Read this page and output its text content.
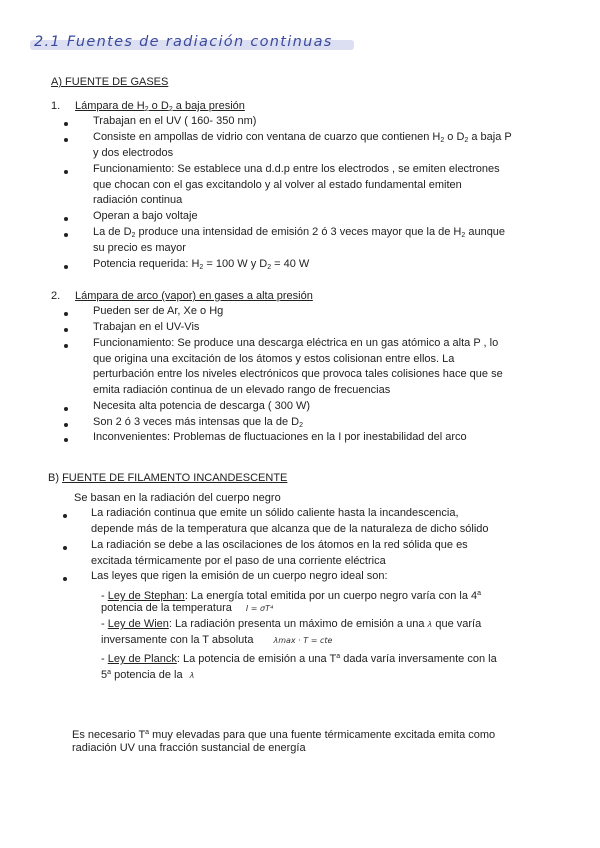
2.1 Fuentes de radiación continuas
A) FUENTE DE GASES
1. Lámpara de $H_2$ o $D_2$ a baja presión
Trabajan en el UV ( 160- 350 nm)
Consiste en ampollas de vidrio con ventana de cuarzo que contienen $H_2$ o $D_2$ a baja P
y dos electrodos
Funcionamiento: Se establece una d.d.p entre los electrodos , se emiten electrones
que chocan con el gas excitandolo y al volver al estado fundamental emiten
radiación continua
Operan a bajo voltaje
La de $D_2$ produce una intensidad de emisión 2 ó 3 veces mayor que la de $H_2$ aunque
su precio es mayor
Potencia requerida: $H_2 = 100$ W y $D_2 = 40$ W
2. Lámpara de arco (vapor) en gases a alta presión
Pueden ser de Ar, Xe o Hg
Trabajan en el UV-Vis
Funcionamiento: Se produce una descarga eléctrica en un gas atómico a alta P , lo
que origina una excitación de los átomos y estos colisionan entre ellos. La
perturbación entre los niveles electrónicos que provoca tales colisiones hace que se
emita radiación continua de un elevado rango de frecuencias
Necesita alta potencia de descarga ( 300 W)
Son 2 ó 3 veces más intensas que la de $D_2$
Inconvenientes: Problemas de fluctuaciones en la I por inestabilidad del arco
B) FUENTE DE FILAMENTO INCANDESCENTE
Se basan en la radiación del cuerpo negro
La radiación continua que emite un sólido caliente hasta la incandescencia,
depende más de la temperatura que alcanza que de la naturaleza de dicho sólido
La radiación se debe a las oscilaciones de los átomos en la red sólida que es
excitada térmicamente por el paso de una corriente eléctrica
Las leyes que rigen la emisión de un cuerpo negro ideal son:
- Ley de Stephan: La energía total emitida por un cuerpo negro varía con la 4$^a$
potencia de la temperatura I = σT⁴
- Ley de Wien: La radiación presenta un máximo de emisión a una λ que varía
inversamente con la T absoluta	λmax · T = cte
- Ley de Planck: La potencia de emisión a una $T^a$ dada varía inversamente con la
5$^a$ potencia de la λ
Es necesario $T^a$ muy elevadas para que una fuente térmicamente excitada emita como
radiación UV una fracción sustancial de energía
